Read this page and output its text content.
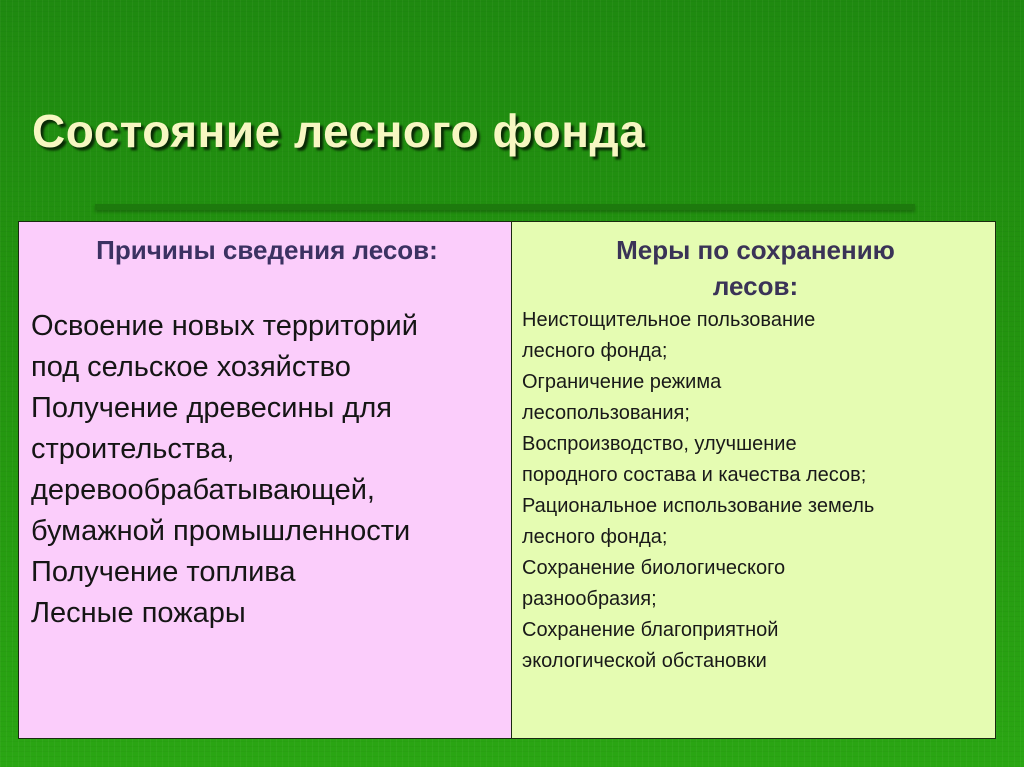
Состояние лесного фонда
Причины сведения лесов:
Освоение новых территорий
под сельское хозяйство
Получение древесины для
строительства,
деревообрабатывающей,
бумажной промышленности
Получение топлива
Лесные пожары
Меры по сохранению
лесов:
Неистощительное пользование
лесного фонда;
Ограничение режима
лесопользования;
Воспроизводство, улучшение
породного состава и качества лесов;
Рациональное использование земель
лесного фонда;
Сохранение биологического
разнообразия;
Сохранение благоприятной
экологической обстановки
